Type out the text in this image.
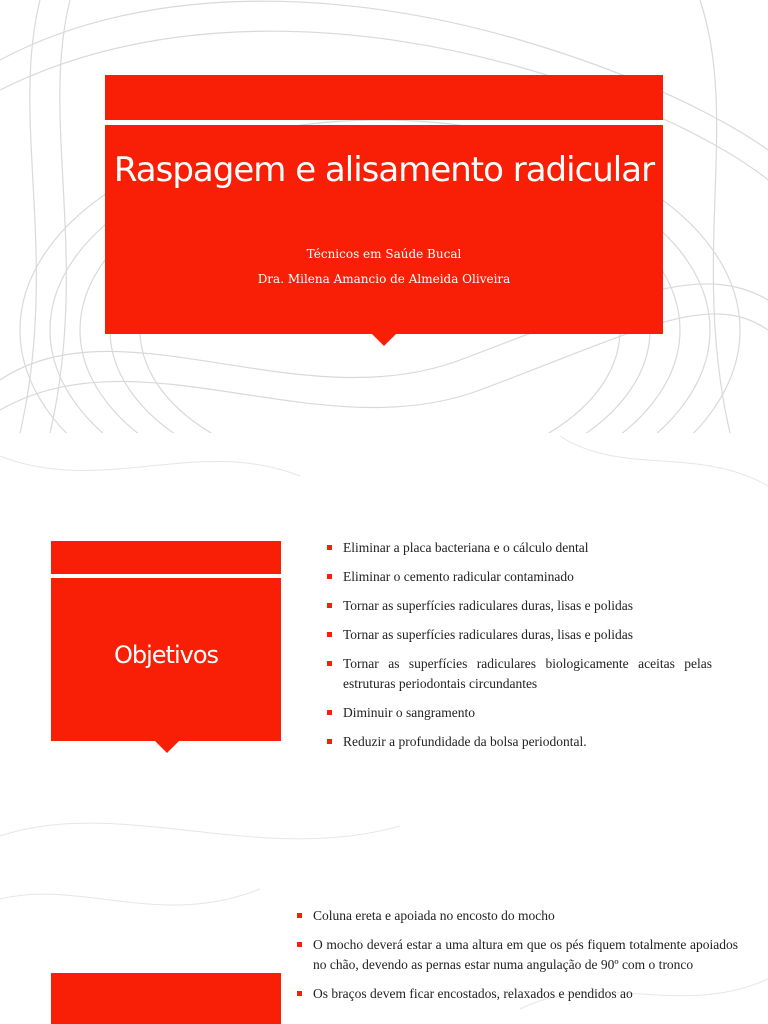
Raspagem e alisamento radicular
Técnicos em Saúde Bucal
Dra. Milena Amancio de Almeida Oliveira
Objetivos
Eliminar a placa bacteriana e o cálculo dental
Eliminar o cemento radicular contaminado
Tornar as superfícies radiculares duras, lisas e polidas
Tornar as superfícies radiculares duras, lisas e polidas
Tornar as superfícies radiculares biologicamente aceitas pelas estruturas periodontais circundantes
Diminuir o sangramento
Reduzir a profundidade da bolsa periodontal.
Coluna ereta e apoiada no encosto do mocho
O mocho deverá estar a uma altura em que os pés fiquem totalmente apoiados no chão, devendo as pernas estar numa angulação de 90º com o tronco
Os braços devem ficar encostados, relaxados e pendidos ao
